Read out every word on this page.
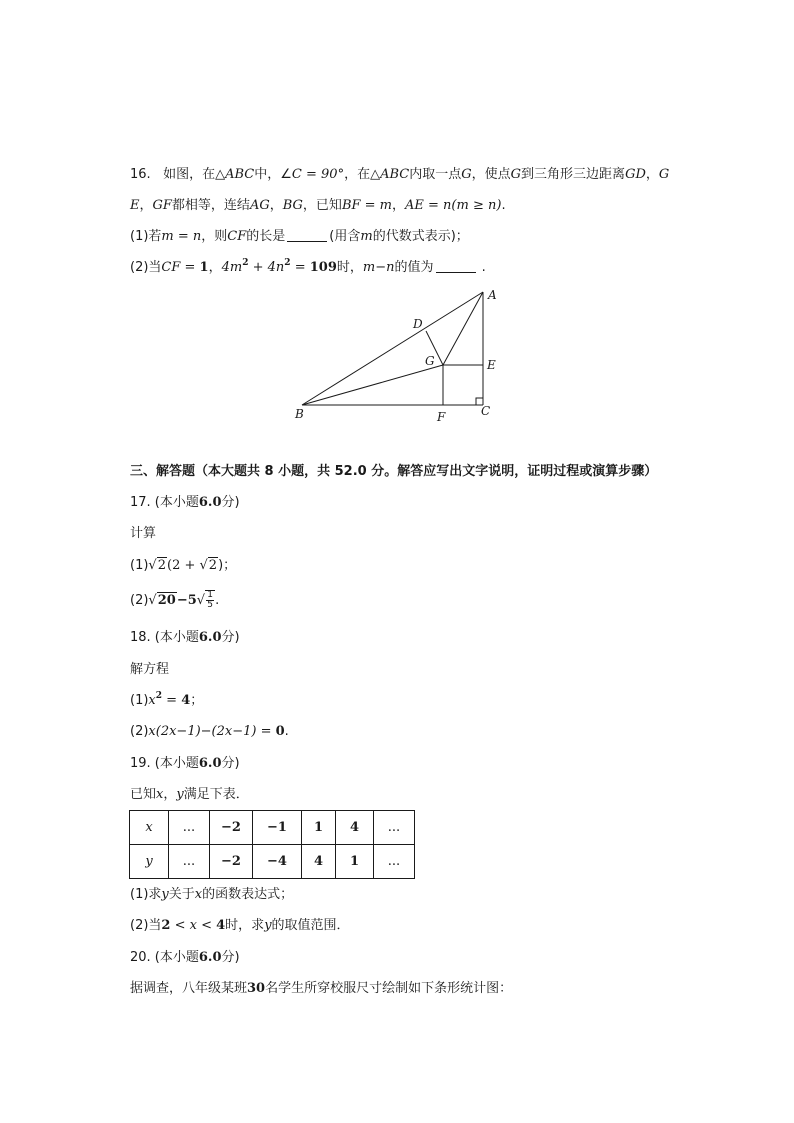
16. 如图，在△ABC中，∠C = 90°，在△ABC内取一点G，使点G到三角形三边距离GD，G
E，GF都相等，连结AG，BG，已知BF = m，AE = n(m ≥ n).
(1)若m = n，则CF的长是	(用含m的代数式表示)；
(2)当CF = 1，$4m^2 + 4n^2 = 109$时，m−n的值为	.
A
B	C
D
E
F
G
三、解答题（本大题共 8 小题，共 52.0 分。解答应写出文字说明，证明过程或演算步骤）
17. (本小题6.0分)
计算
(1)√2(2 + √2)；
$(2)√20-5√ \frac{1}{5}$ .
18. (本小题6.0分)
解方程
$(1)x^2 = 4$；
(2)x(2x−1)−(2x−1) = 0.
19. (本小题6.0分)
已知x，y满足下表．
x	...	−2	−1	1	4	...
y	...	−2	−4	4	1	...
(1)求y关于x的函数表达式；
(2)当2 < x < 4时，求y的取值范围．
20. (本小题6.0分)
据调查，八年级某班30名学生所穿校服尺寸绘制如下条形统计图：
